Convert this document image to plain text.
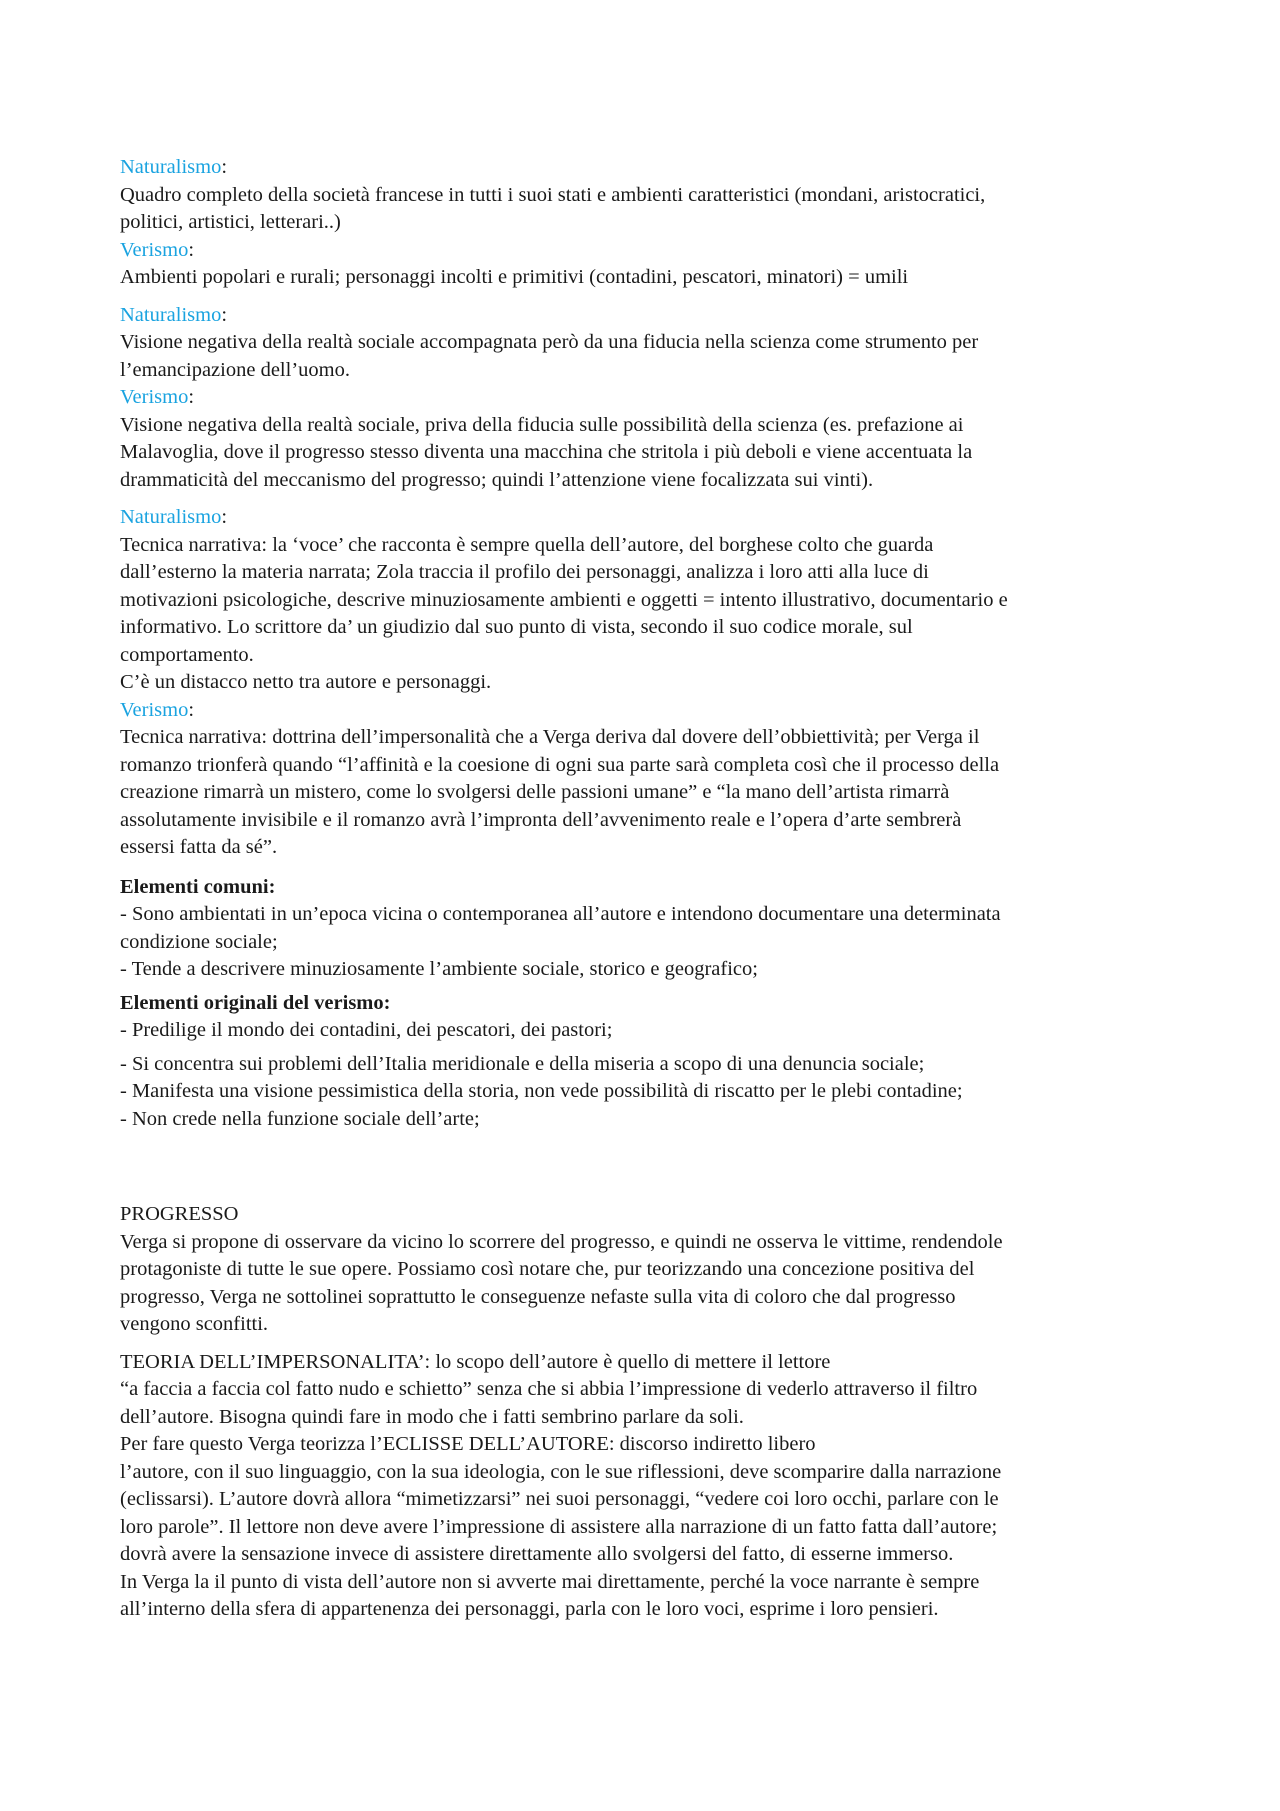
Naturalismo:
Quadro completo della società francese in tutti i suoi stati e ambienti caratteristici (mondani, aristocratici,
politici, artistici, letterari..)
Verismo:
Ambienti popolari e rurali; personaggi incolti e primitivi (contadini, pescatori, minatori) = umili
Naturalismo:
Visione negativa della realtà sociale accompagnata però da una fiducia nella scienza come strumento per
l’emancipazione dell’uomo.
Verismo:
Visione negativa della realtà sociale, priva della fiducia sulle possibilità della scienza (es. prefazione ai
Malavoglia, dove il progresso stesso diventa una macchina che stritola i più deboli e viene accentuata la
drammaticità del meccanismo del progresso; quindi l’attenzione viene focalizzata sui vinti).
Naturalismo:
Tecnica narrativa: la ‘voce’ che racconta è sempre quella dell’autore, del borghese colto che guarda
dall’esterno la materia narrata; Zola traccia il profilo dei personaggi, analizza i loro atti alla luce di
motivazioni psicologiche, descrive minuziosamente ambienti e oggetti = intento illustrativo, documentario e
informativo. Lo scrittore da’ un giudizio dal suo punto di vista, secondo il suo codice morale, sul
comportamento.
C’è un distacco netto tra autore e personaggi.
Verismo:
Tecnica narrativa: dottrina dell’impersonalità che a Verga deriva dal dovere dell’obbiettività; per Verga il
romanzo trionferà quando “l’affinità e la coesione di ogni sua parte sarà completa così che il processo della
creazione rimarrà un mistero, come lo svolgersi delle passioni umane” e “la mano dell’artista rimarrà
assolutamente invisibile e il romanzo avrà l’impronta dell’avvenimento reale e l’opera d’arte sembrerà
essersi fatta da sé”.
Elementi comuni:
- Sono ambientati in un’epoca vicina o contemporanea all’autore e intendono documentare una determinata
condizione sociale;
- Tende a descrivere minuziosamente l’ambiente sociale, storico e geografico;
Elementi originali del verismo:
- Predilige il mondo dei contadini, dei pescatori, dei pastori;
- Si concentra sui problemi dell’Italia meridionale e della miseria a scopo di una denuncia sociale;
- Manifesta una visione pessimistica della storia, non vede possibilità di riscatto per le plebi contadine;
- Non crede nella funzione sociale dell’arte;
PROGRESSO
Verga si propone di osservare da vicino lo scorrere del progresso, e quindi ne osserva le vittime, rendendole
protagoniste di tutte le sue opere. Possiamo così notare che, pur teorizzando una concezione positiva del
progresso, Verga ne sottolinei soprattutto le conseguenze nefaste sulla vita di coloro che dal progresso
vengono sconfitti.
TEORIA DELL’IMPERSONALITA’: lo scopo dell’autore è quello di mettere il lettore
“a faccia a faccia col fatto nudo e schietto” senza che si abbia l’impressione di vederlo attraverso il filtro
dell’autore. Bisogna quindi fare in modo che i fatti sembrino parlare da soli.
Per fare questo Verga teorizza l’ECLISSE DELL’AUTORE: discorso indiretto libero
l’autore, con il suo linguaggio, con la sua ideologia, con le sue riflessioni, deve scomparire dalla narrazione
(eclissarsi). L’autore dovrà allora “mimetizzarsi” nei suoi personaggi, “vedere coi loro occhi, parlare con le
loro parole”. Il lettore non deve avere l’impressione di assistere alla narrazione di un fatto fatta dall’autore;
dovrà avere la sensazione invece di assistere direttamente allo svolgersi del fatto, di esserne immerso.
In Verga la il punto di vista dell’autore non si avverte mai direttamente, perché la voce narrante è sempre
all’interno della sfera di appartenenza dei personaggi, parla con le loro voci, esprime i loro pensieri.
